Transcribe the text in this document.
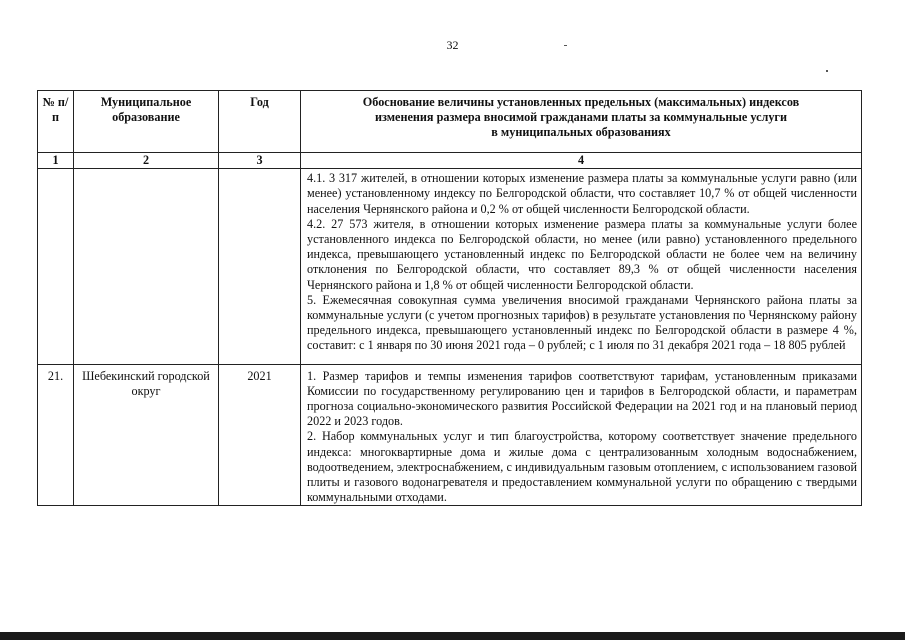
32
№ п/п	Муниципальное образование	Год	Обоснование величины установленных предельных (максимальных) индексов
изменения размера вносимой гражданами платы за коммунальные услуги
в муниципальных образованиях

1	2	3	4

			4.1. 3 317 жителей, в отношении которых изменение размера платы за коммунальные услуги равно (или менее) установленному индексу по Белгородской области, что составляет 10,7 % от общей численности населения Чернянского района и 0,2 % от общей численности Белгородской области.
4.2. 27 573 жителя, в отношении которых изменение размера платы за коммунальные услуги более установленного индекса по Белгородской области, но менее (или равно) установленного предельного индекса, превышающего установленный индекс по Белгородской области не более чем на величину отклонения по Белгородской области, что составляет 89,3 % от общей численности населения Чернянского района и 1,8 % от общей численности Белгородской области.
5. Ежемесячная совокупная сумма увеличения вносимой гражданами Чернянского района платы за коммунальные услуги (с учетом прогнозных тарифов) в результате установления по Чернянскому району предельного индекса, превышающего установленный индекс по Белгородской области в размере 4 %, составит: с 1 января по 30 июня 2021 года – 0 рублей; с 1 июля по 31 декабря 2021 года – 18 805 рублей

21.	Шебекинский городской округ	2021	1. Размер тарифов и темпы изменения тарифов соответствуют тарифам, установленным приказами Комиссии по государственному регулированию цен и тарифов в Белгородской области, и параметрам прогноза социально-экономического развития Российской Федерации на 2021 год и на плановый период 2022 и 2023 годов.
2. Набор коммунальных услуг и тип благоустройства, которому соответствует значение предельного индекса: многоквартирные дома и жилые дома с централизованным холодным водоснабжением, водоотведением, электроснабжением, с индивидуальным газовым отоплением, с использованием газовой плиты и газового водонагревателя и предоставлением коммунальной услуги по обращению с твердыми коммунальными отходами.
